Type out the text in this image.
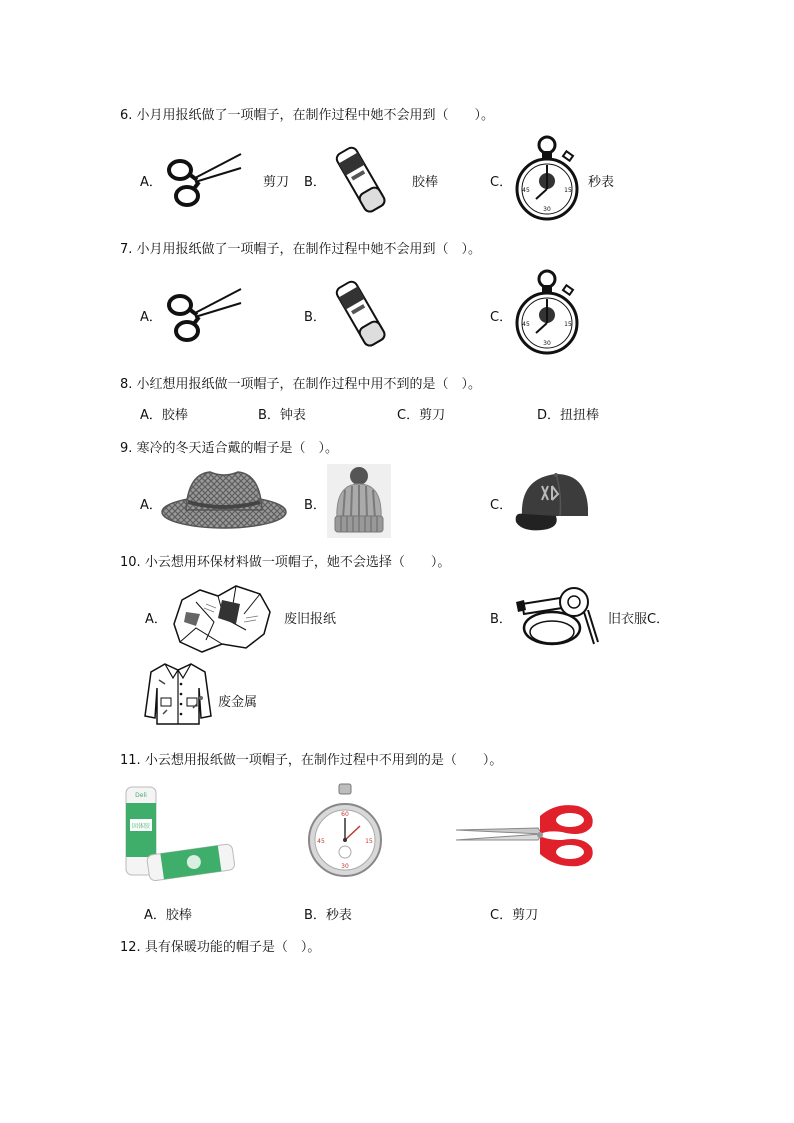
6. 小月用报纸做了一项帽子，在制作过程中她不会用到（　　）。
A．	剪刀 B．	胶棒	C．
30
45	15
秒表
7. 小月用报纸做了一项帽子，在制作过程中她不会用到（　）。
A．	B．	C．
30
45	15
8. 小红想用报纸做一项帽子，在制作过程中用不到的是（　）。
A．胶棒	B．钟表	C．剪刀	D．扭扭棒
9. 寒冷的冬天适合戴的帽子是（　）。
A．	B．	C．
10. 小云想用环保材料做一项帽子，她不会选择（　　）。
A．	废旧报纸	B．	旧衣服C．
废金属
11. 小云想用报纸做一项帽子，在制作过程中不用到的是（　　）。
Deli
固体胶
60
15
30
45
A．胶棒	B．秒表	C．剪刀
12. 具有保暖功能的帽子是（　）。
